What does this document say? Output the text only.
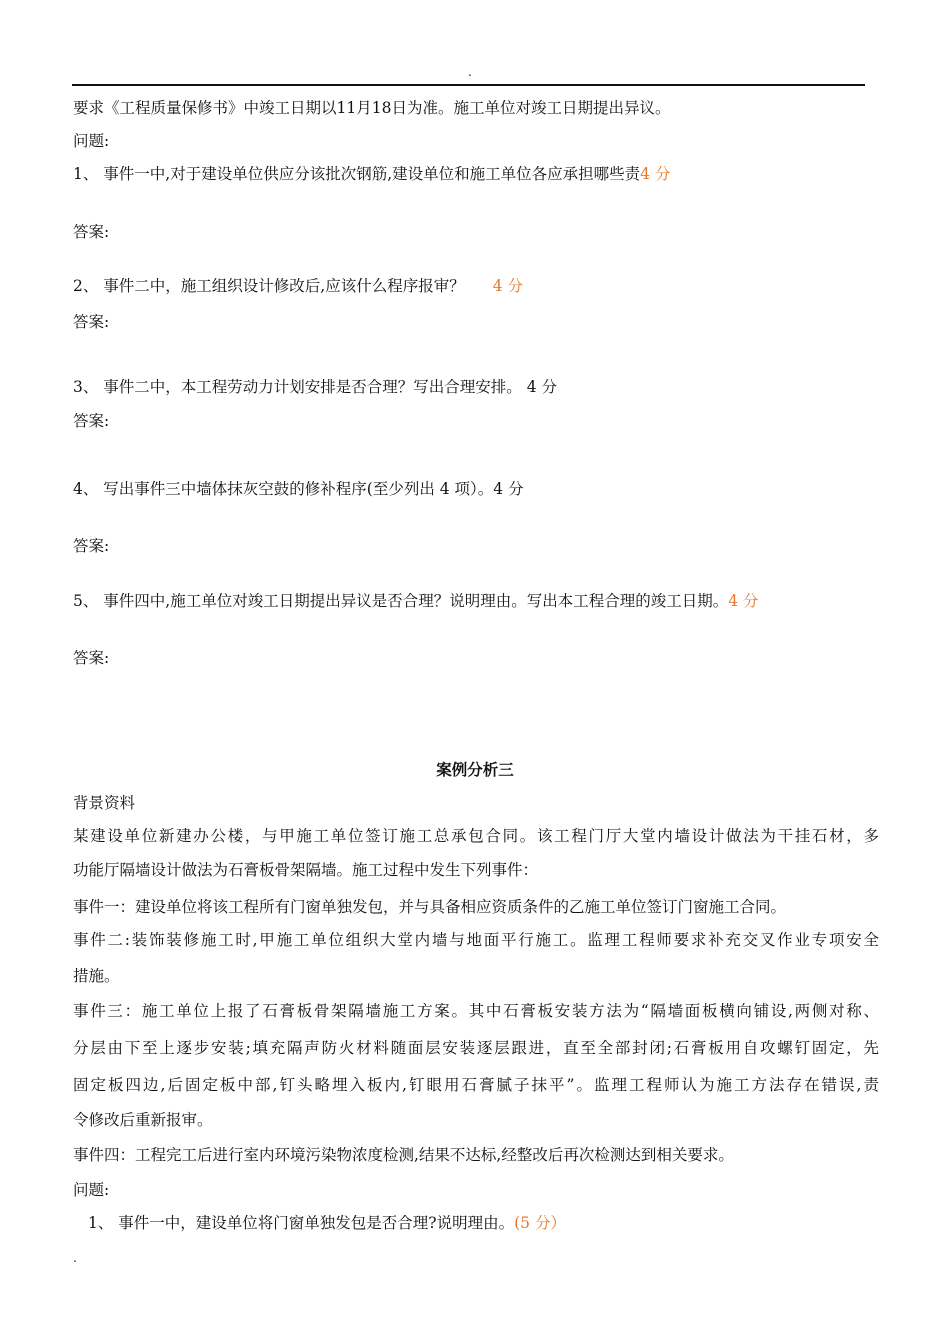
.
要求《工程质量保修书》中竣工日期以11月18日为准。施工单位对竣工日期提出异议。
问题:
1、 事件一中,对于建设单位供应分该批次钢筋,建设单位和施工单位各应承担哪些责4 分
答案:
2、 事件二中，施工组织设计修改后,应该什么程序报审？ 4 分
答案:
3、 事件二中，本工程劳动力计划安排是否合理？写出合理安排。 4 分
答案:
4、 写出事件三中墙体抹灰空鼓的修补程序(至少列出 4 项）。4 分
答案:
5、 事件四中,施工单位对竣工日期提出异议是否合理？说明理由。写出本工程合理的竣工日期。4 分
答案:
案例分析三
背景资料
某建设单位新建办公楼，与甲施工单位签订施工总承包合同。该工程门厅大堂内墙设计做法为干挂石材，多
功能厅隔墙设计做法为石膏板骨架隔墙。施工过程中发生下列事件：
事件一：建设单位将该工程所有门窗单独发包，并与具备相应资质条件的乙施工单位签订门窗施工合同。
事件二:装饰装修施工时,甲施工单位组织大堂内墙与地面平行施工。监理工程师要求补充交叉作业专项安全
措施。
事件三：施工单位上报了石膏板骨架隔墙施工方案。其中石膏板安装方法为“隔墙面板横向铺设,两侧对称、
分层由下至上逐步安装;填充隔声防火材料随面层安装逐层跟进，直至全部封闭;石膏板用自攻螺钉固定，先
固定板四边,后固定板中部,钉头略埋入板内,钉眼用石膏腻子抹平”。监理工程师认为施工方法存在错误,责
令修改后重新报审。
事件四：工程完工后进行室内环境污染物浓度检测,结果不达标,经整改后再次检测达到相关要求。
问题:
1、 事件一中，建设单位将门窗单独发包是否合理?说明理由。(5 分）
.
